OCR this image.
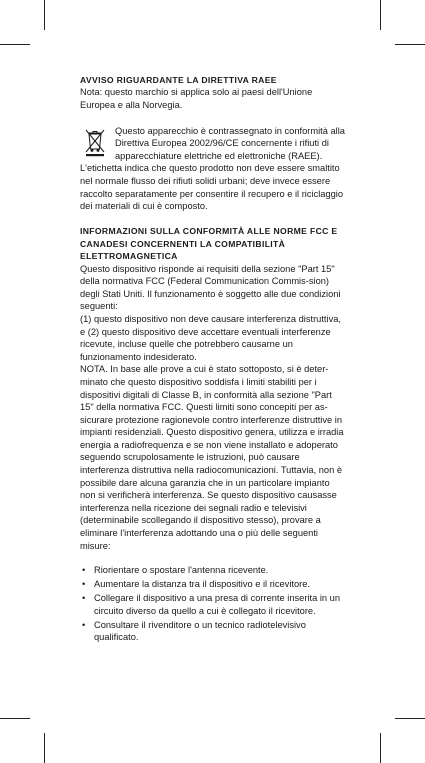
AVVISO RIGUARDANTE LA DIRETTIVA RAEE

Nota: questo marchio si applica solo ai paesi dell'Unione Europea e alla Norvegia.

Questo apparecchio è contrassegnato in conformità alla Direttiva Europea 2002/96/CE concernente i rifiuti di apparecchiature elettriche ed elettroniche (RAEE).

L'etichetta indica che questo prodotto non deve essere smaltito nel normale flusso dei rifiuti solidi urbani; deve invece essere raccolto separatamente per consentire il recupero e il riciclaggio dei materiali di cui è composto.

INFORMAZIONI SULLA CONFORMITÀ ALLE NORME FCC E CANADESI CONCERNENTI LA COMPATIBILITÀ ELETTROMAGNETICA

Questo dispositivo risponde ai requisiti della sezione "Part 15" della normativa FCC (Federal Communication Commis-sion) degli Stati Uniti. Il funzionamento è soggetto alle due condizioni seguenti:

(1) questo dispositivo non deve causare interferenza distruttiva, e (2) questo dispositivo deve accettare eventuali interferenze ricevute, incluse quelle che potrebbero causarne un funzionamento indesiderato.

NOTA. In base alle prove a cui è stato sottoposto, si è deter-minato che questo dispositivo soddisfa i limiti stabiliti per i dispositivi digitali di Classe B, in conformità alla sezione "Part 15" della normativa FCC. Questi limiti sono concepiti per as-sicurare protezione ragionevole contro interferenze distruttive in impianti residenziali. Questo dispositivo genera, utilizza e irradia energia a radiofrequenza e se non viene installato e adoperato seguendo scrupolosamente le istruzioni, può causare interferenza distruttiva nella radiocomunicazioni. Tuttavia, non è possibile dare alcuna garanzia che in un particolare impianto non si verificherà interferenza. Se questo dispositivo causasse interferenza nella ricezione dei segnali radio e televisivi (determinabile scollegando il dispositivo stesso), provare a eliminare l'interferenza adottando una o più delle seguenti misure:

• Riorientare o spostare l'antenna ricevente.
• Aumentare la distanza tra il dispositivo e il ricevitore.
• Collegare il dispositivo a una presa di corrente inserita in un circuito diverso da quello a cui è collegato il ricevitore.
• Consultare il rivenditore o un tecnico radiotelevisivo qualificato.
